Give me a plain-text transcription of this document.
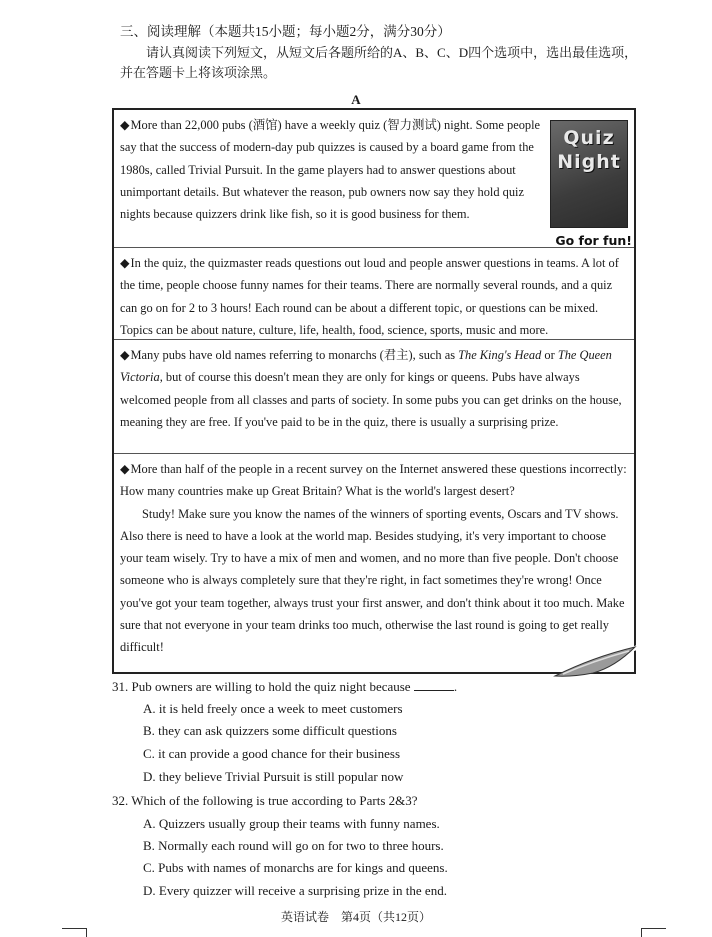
三、阅读理解（本题共15小题；每小题2分，满分30分）
请认真阅读下列短文，从短文后各题所给的A、B、C、D四个选项中，选出最佳选项，并在答题卡上将该项涂黑。
A
◆More than 22,000 pubs (酒馆) have a weekly quiz (智力测试) night. Some people say that the success of modern-day pub quizzes is caused by a board game from the 1980s, called Trivial Pursuit. In the game players had to answer questions about unimportant details. But whatever the reason, pub owners now say they hold quiz nights because quizzers drink like fish, so it is good business for them.
Quiz
Night
Go for fun!
◆In the quiz, the quizmaster reads questions out loud and people answer questions in teams. A lot of the time, people choose funny names for their teams. There are normally several rounds, and a quiz can go on for 2 to 3 hours! Each round can be about a different topic, or questions can be mixed. Topics can be about nature, culture, life, health, food, science, sports, music and more.
◆Many pubs have old names referring to monarchs (君主), such as The King's Head or The Queen Victoria, but of course this doesn't mean they are only for kings or queens. Pubs have always welcomed people from all classes and parts of society. In some pubs you can get drinks on the house, meaning they are free. If you've paid to be in the quiz, there is usually a surprising prize.
◆More than half of the people in a recent survey on the Internet answered these questions incorrectly: How many countries make up Great Britain? What is the world's largest desert?
Study! Make sure you know the names of the winners of sporting events, Oscars and TV shows. Also there is need to have a look at the world map. Besides studying, it's very important to choose your team wisely. Try to have a mix of men and women, and no more than five people. Don't choose someone who is always completely sure that they're right, in fact sometimes they're wrong! Once you've got your team together, always trust your first answer, and don't think about it too much. Make sure that not everyone in your team drinks too much, otherwise the last round is going to get really difficult!
31. Pub owners are willing to hold the quiz night because	.
A. it is held freely once a week to meet customers
B. they can ask quizzers some difficult questions
C. it can provide a good chance for their business
D. they believe Trivial Pursuit is still popular now
32. Which of the following is true according to Parts 2&3?
A. Quizzers usually group their teams with funny names.
B. Normally each round will go on for two to three hours.
C. Pubs with names of monarchs are for kings and queens.
D. Every quizzer will receive a surprising prize in the end.
英语试卷　第4页（共12页）
